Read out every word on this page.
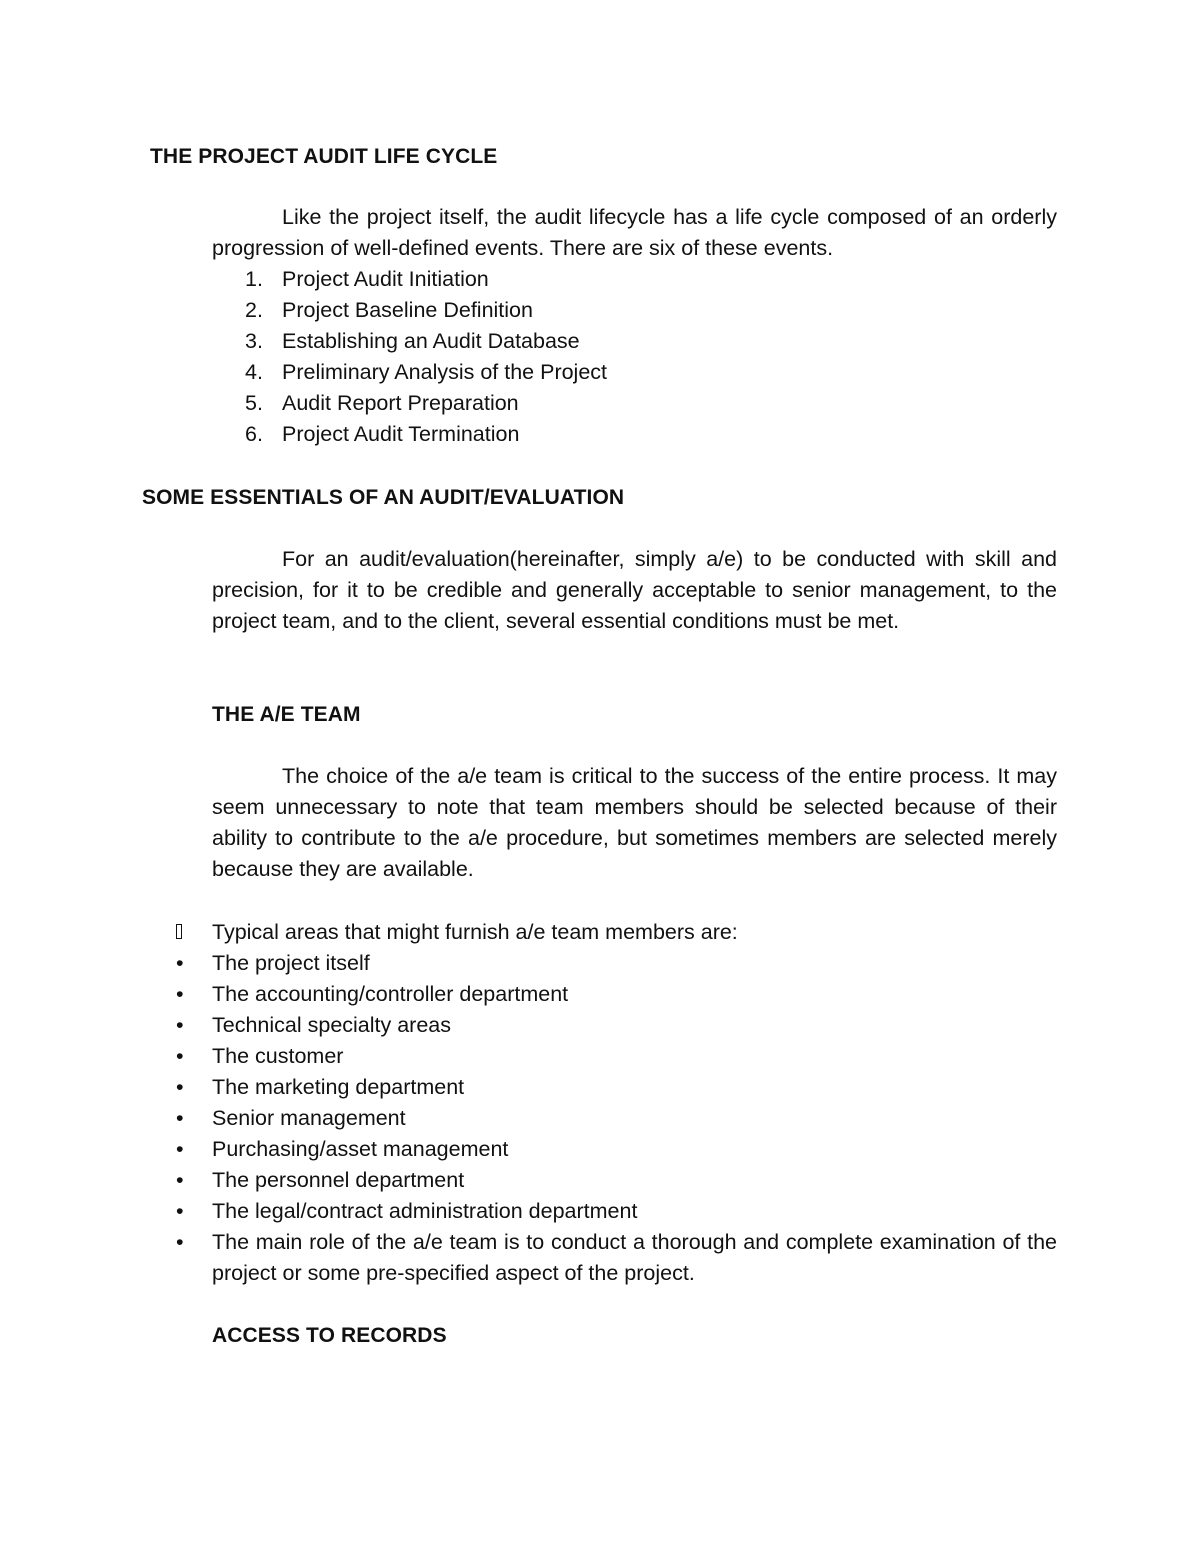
THE PROJECT AUDIT LIFE CYCLE

Like the project itself, the audit lifecycle has a life cycle composed of an orderly progression of well-defined events. There are six of these events.

1. Project Audit Initiation
2. Project Baseline Definition
3. Establishing an Audit Database
4. Preliminary Analysis of the Project
5. Audit Report Preparation
6. Project Audit Termination
SOME ESSENTIALS OF AN AUDIT/EVALUATION

For an audit/evaluation(hereinafter, simply a/e) to be conducted with skill and precision, for it to be credible and generally acceptable to senior management, to the project team, and to the client, several essential conditions must be met.

THE A/E TEAM

The choice of the a/e team is critical to the success of the entire process. It may seem unnecessary to note that team members should be selected because of their ability to contribute to the a/e procedure, but sometimes members are selected merely because they are available.

Typical areas that might furnish a/e team members are:
• The project itself
• The accounting/controller department
• Technical specialty areas
• The customer
• The marketing department
• Senior management
• Purchasing/asset management
• The personnel department
• The legal/contract administration department
• The main role of the a/e team is to conduct a thorough and complete examination of the project or some pre-specified aspect of the project.
ACCESS TO RECORDS
